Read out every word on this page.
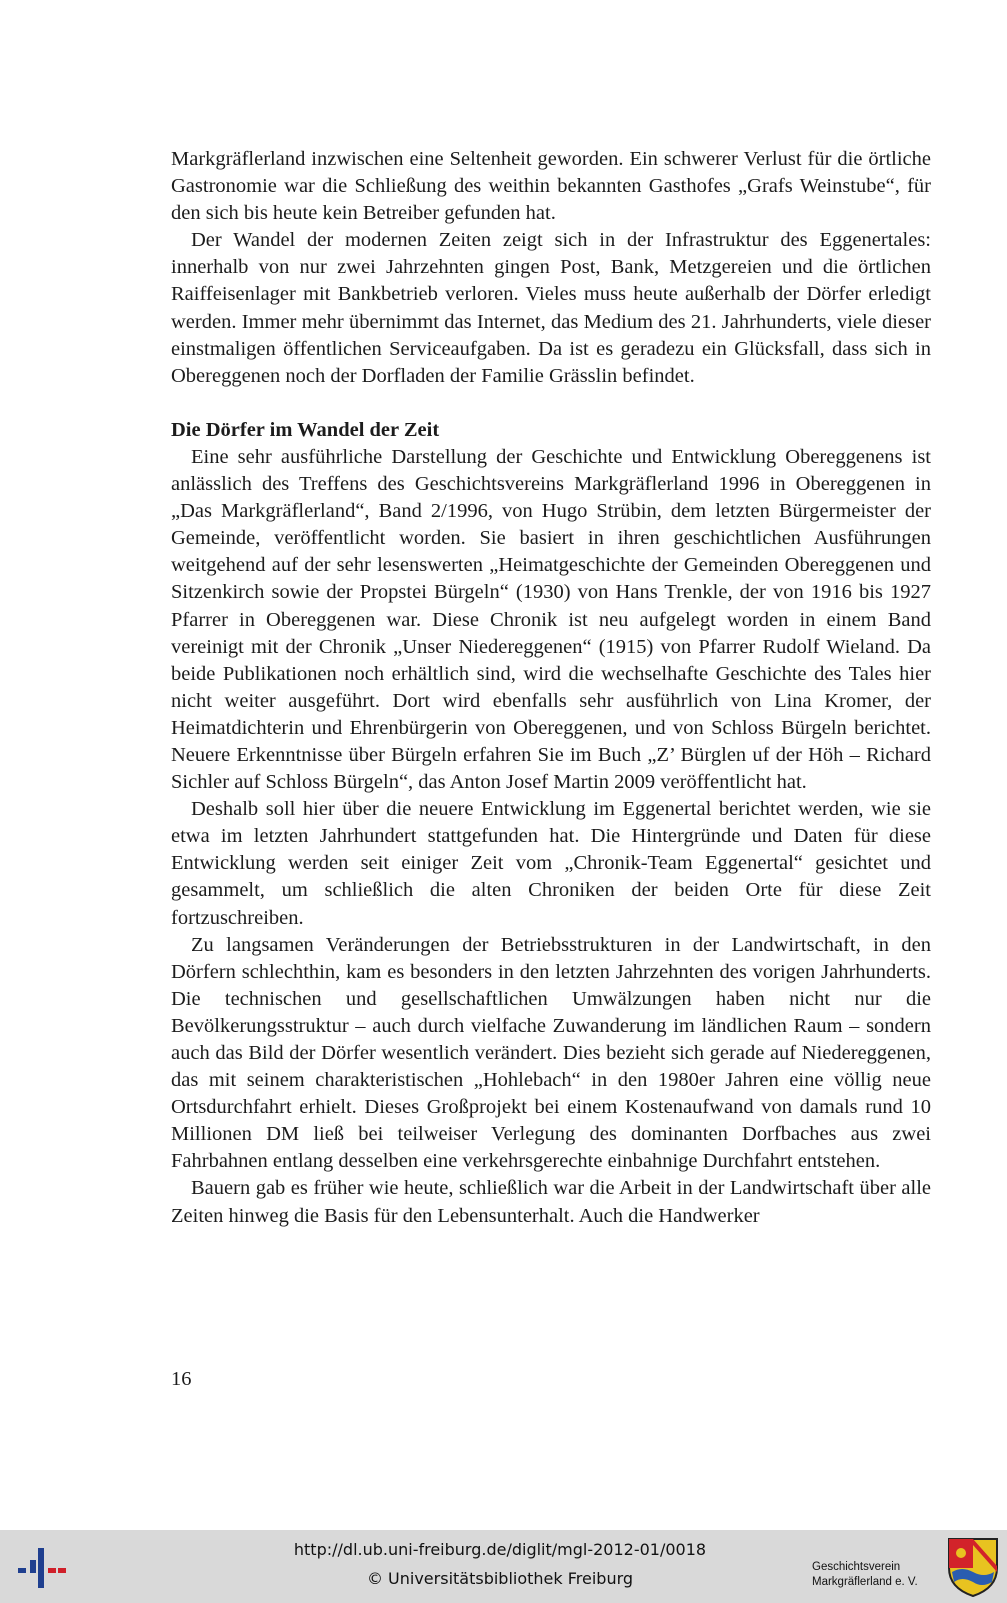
Markgräflerland inzwischen eine Seltenheit geworden. Ein schwerer Verlust für die örtliche Gastronomie war die Schließung des weithin bekannten Gasthofes „Grafs Weinstube“, für den sich bis heute kein Betreiber gefunden hat.

Der Wandel der modernen Zeiten zeigt sich in der Infrastruktur des Eggenertales: innerhalb von nur zwei Jahrzehnten gingen Post, Bank, Metzgereien und die örtlichen Raiffeisenlager mit Bankbetrieb verloren. Vieles muss heute außerhalb der Dörfer erledigt werden. Immer mehr übernimmt das Internet, das Medium des 21. Jahrhunderts, viele dieser einstmaligen öffentlichen Serviceaufgaben. Da ist es geradezu ein Glücksfall, dass sich in Obereggenen noch der Dorfladen der Familie Grässlin befindet.

Die Dörfer im Wandel der Zeit

Eine sehr ausführliche Darstellung der Geschichte und Entwicklung Obereggenens ist anlässlich des Treffens des Geschichtsvereins Markgräflerland 1996 in Obereggenen in „Das Markgräflerland“, Band 2/1996, von Hugo Strübin, dem letzten Bürgermeister der Gemeinde, veröffentlicht worden. Sie basiert in ihren geschichtlichen Ausführungen weitgehend auf der sehr lesenswerten „Heimatgeschichte der Gemeinden Obereggenen und Sitzenkirch sowie der Propstei Bürgeln“ (1930) von Hans Trenkle, der von 1916 bis 1927 Pfarrer in Obereggenen war. Diese Chronik ist neu aufgelegt worden in einem Band vereinigt mit der Chronik „Unser Niedereggenen“ (1915) von Pfarrer Rudolf Wieland. Da beide Publikationen noch erhältlich sind, wird die wechselhafte Geschichte des Tales hier nicht weiter ausgeführt. Dort wird ebenfalls sehr ausführlich von Lina Kromer, der Heimatdichterin und Ehrenbürgerin von Obereggenen, und von Schloss Bürgeln berichtet. Neuere Erkenntnisse über Bürgeln erfahren Sie im Buch „Z’ Bürglen uf der Höh – Richard Sichler auf Schloss Bürgeln“, das Anton Josef Martin 2009 veröffentlicht hat.

Deshalb soll hier über die neuere Entwicklung im Eggenertal berichtet werden, wie sie etwa im letzten Jahrhundert stattgefunden hat. Die Hintergründe und Daten für diese Entwicklung werden seit einiger Zeit vom „Chronik-Team Eggenertal“ gesichtet und gesammelt, um schließlich die alten Chroniken der beiden Orte für diese Zeit fortzuschreiben.

Zu langsamen Veränderungen der Betriebsstrukturen in der Landwirtschaft, in den Dörfern schlechthin, kam es besonders in den letzten Jahrzehnten des vorigen Jahrhunderts. Die technischen und gesellschaftlichen Umwälzungen haben nicht nur die Bevölkerungsstruktur – auch durch vielfache Zuwanderung im ländlichen Raum – sondern auch das Bild der Dörfer wesentlich verändert. Dies bezieht sich gerade auf Niedereggenen, das mit seinem charakteristischen „Hohlebach“ in den 1980er Jahren eine völlig neue Ortsdurchfahrt erhielt. Dieses Großprojekt bei einem Kostenaufwand von damals rund 10 Millionen DM ließ bei teilweiser Verlegung des dominanten Dorfbaches aus zwei Fahrbahnen entlang desselben eine verkehrsgerechte einbahnige Durchfahrt entstehen.

Bauern gab es früher wie heute, schließlich war die Arbeit in der Landwirtschaft über alle Zeiten hinweg die Basis für den Lebensunterhalt. Auch die Handwerker

16
http://dl.ub.uni-freiburg.de/diglit/mgl-2012-01/0018
© Universitätsbibliothek Freiburg
Geschichtsverein
Markgräflerland e. V.
